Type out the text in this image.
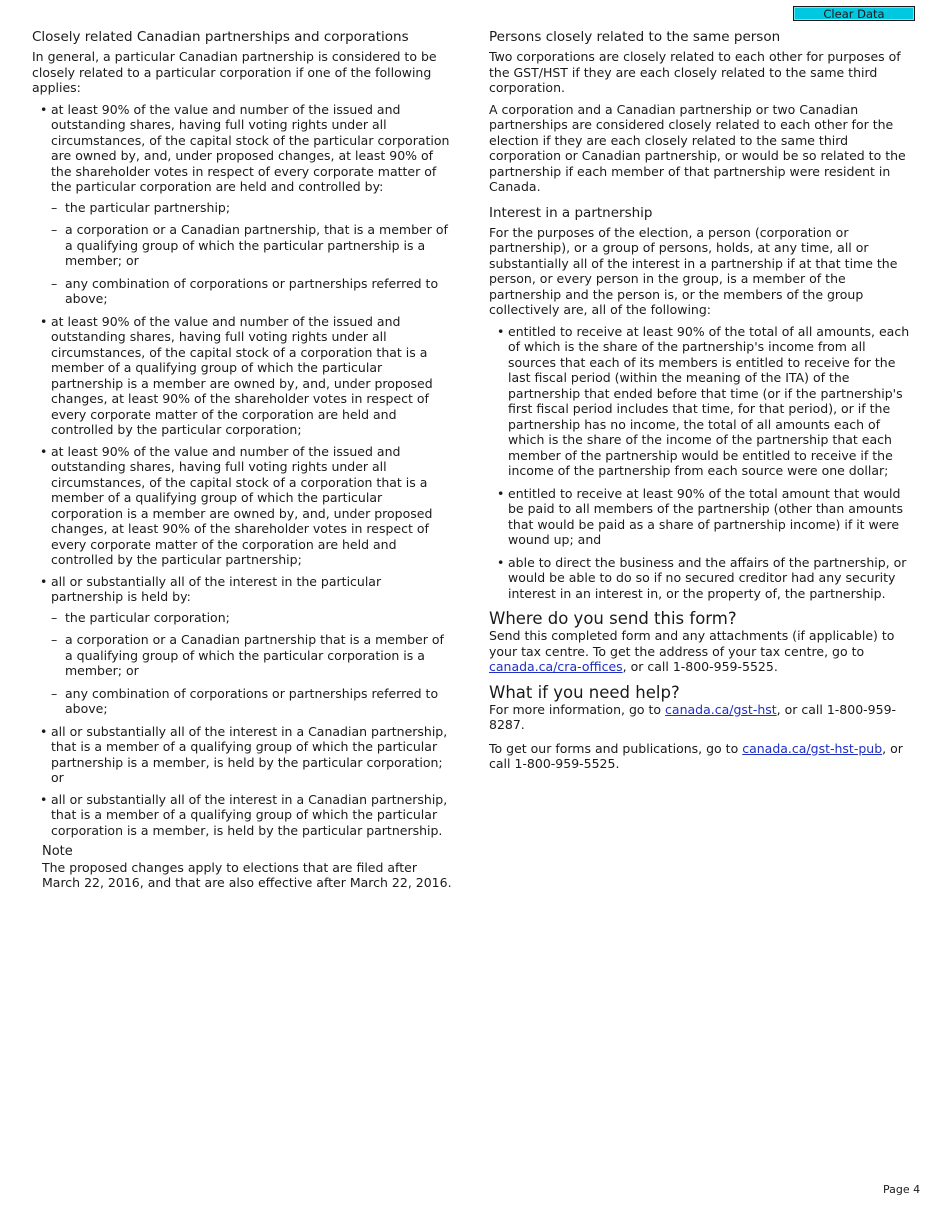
Clear Data
Closely related Canadian partnerships and corporations

In general, a particular Canadian partnership is considered to be closely related to a particular corporation if one of the following applies:

• at least 90% of the value and number of the issued and outstanding shares, having full voting rights under all circumstances, of the capital stock of the particular corporation are owned by, and, under proposed changes, at least 90% of the shareholder votes in respect of every corporate matter of the particular corporation are held and controlled by:
– the particular partnership;
– a corporation or a Canadian partnership, that is a member of a qualifying group of which the particular partnership is a member; or
– any combination of corporations or partnerships referred to above;
• at least 90% of the value and number of the issued and outstanding shares, having full voting rights under all circumstances, of the capital stock of a corporation that is a member of a qualifying group of which the particular partnership is a member are owned by, and, under proposed changes, at least 90% of the shareholder votes in respect of every corporate matter of the corporation are held and controlled by the particular corporation;
• at least 90% of the value and number of the issued and outstanding shares, having full voting rights under all circumstances, of the capital stock of a corporation that is a member of a qualifying group of which the particular corporation is a member are owned by, and, under proposed changes, at least 90% of the shareholder votes in respect of every corporate matter of the corporation are held and controlled by the particular partnership;
• all or substantially all of the interest in the particular partnership is held by:
– the particular corporation;
– a corporation or a Canadian partnership that is a member of a qualifying group of which the particular corporation is a member; or
– any combination of corporations or partnerships referred to above;
• all or substantially all of the interest in a Canadian partnership, that is a member of a qualifying group of which the particular partnership is a member, is held by the particular corporation; or
• all or substantially all of the interest in a Canadian partnership, that is a member of a qualifying group of which the particular corporation is a member, is held by the particular partnership.
Note
The proposed changes apply to elections that are filed after March 22, 2016, and that are also effective after March 22, 2016.
Persons closely related to the same person

Two corporations are closely related to each other for purposes of the GST/HST if they are each closely related to the same third corporation.

A corporation and a Canadian partnership or two Canadian partnerships are considered closely related to each other for the election if they are each closely related to the same third corporation or Canadian partnership, or would be so related to the partnership if each member of that partnership were resident in Canada.

Interest in a partnership

For the purposes of the election, a person (corporation or partnership), or a group of persons, holds, at any time, all or substantially all of the interest in a partnership if at that time the person, or every person in the group, is a member of the partnership and the person is, or the members of the group collectively are, all of the following:

• entitled to receive at least 90% of the total of all amounts, each of which is the share of the partnership's income from all sources that each of its members is entitled to receive for the last fiscal period (within the meaning of the ITA) of the partnership that ended before that time (or if the partnership's first fiscal period includes that time, for that period), or if the partnership has no income, the total of all amounts each of which is the share of the income of the partnership that each member of the partnership would be entitled to receive if the income of the partnership from each source were one dollar;
• entitled to receive at least 90% of the total amount that would be paid to all members of the partnership (other than amounts that would be paid as a share of partnership income) if it were wound up; and
• able to direct the business and the affairs of the partnership, or would be able to do so if no secured creditor had any security interest in an interest in, or the property of, the partnership.
Where do you send this form?

Send this completed form and any attachments (if applicable) to your tax centre. To get the address of your tax centre, go to canada.ca/cra-offices, or call 1-800-959-5525.

What if you need help?

For more information, go to canada.ca/gst-hst, or call 1-800-959-8287.

To get our forms and publications, go to canada.ca/gst-hst-pub, or call 1-800-959-5525.

Page 4
